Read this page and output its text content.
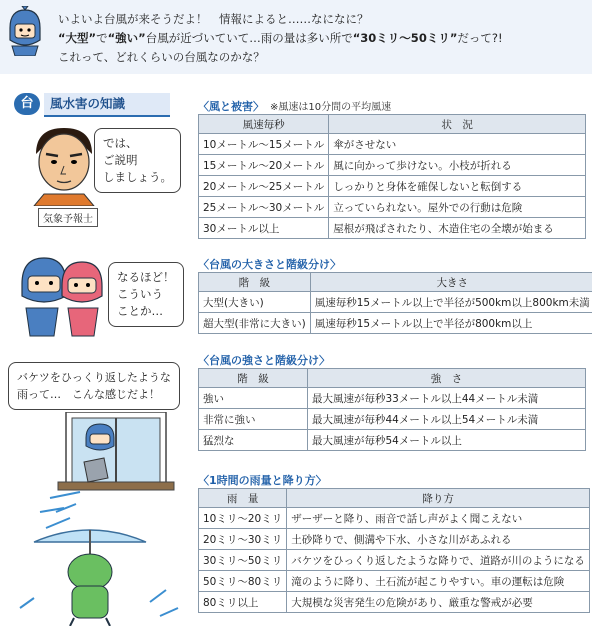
いよいよ台風が来そうだよ！　情報によると……なになに？
“大型”で“強い”台風が近づいていて…雨の量は多い所で“30ミリ～50ミリ”だって?!
これって、どれくらいの台風なのかな？
台	風水害の知識
気象予報士
では、
ご説明
しましょう。
なるほど！
こういう
ことか…
バケツをひっくり返したような
雨って…　こんな感じだよ！
〈風と被害〉 ※風速は10分間の平均風速
風速毎秒	状　況
10メートル～15メートル	傘がさせない
15メートル～20メートル	風に向かって歩けない。小枝が折れる
20メートル～25メートル	しっかりと身体を確保しないと転倒する
25メートル～30メートル	立っていられない。屋外での行動は危険
30メートル以上	屋根が飛ばされたり、木造住宅の全壊が始まる
〈台風の大きさと階級分け〉
階　級	大きさ
大型(大きい)	風速毎秒15メートル以上で半径が500km以上800km未満
超大型(非常に大きい)	風速毎秒15メートル以上で半径が800km以上
〈台風の強さと階級分け〉
階　級	強　さ
強い	最大風速が毎秒33メートル以上44メートル未満
非常に強い	最大風速が毎秒44メートル以上54メートル未満
猛烈な	最大風速が毎秒54メートル以上
〈1時間の雨量と降り方〉
雨　量	降り方
10ミリ～20ミリ	ザーザーと降り、雨音で話し声がよく聞こえない
20ミリ～30ミリ	土砂降りで、側溝や下水、小さな川があふれる
30ミリ～50ミリ	バケツをひっくり返したような降りで、道路が川のようになる
50ミリ～80ミリ	滝のように降り、土石流が起こりやすい。車の運転は危険
80ミリ以上	大規模な災害発生の危険があり、厳重な警戒が必要
